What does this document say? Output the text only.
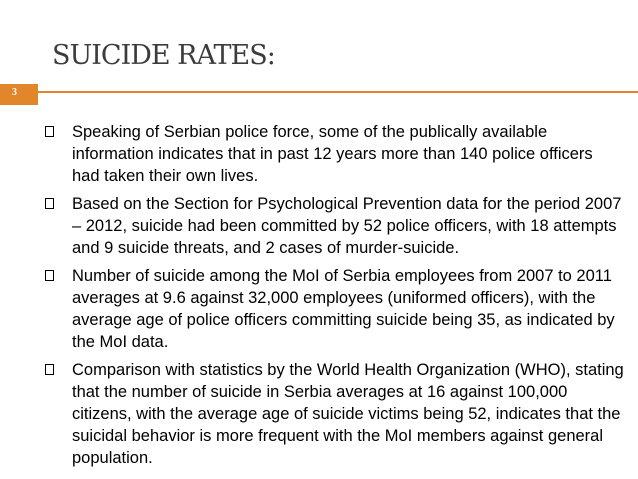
SUICIDE RATES:
3
Speaking of Serbian police force, some of the publically available information indicates that in past 12 years more than 140 police officers had taken their own lives.
Based on the Section for Psychological Prevention data for the period 2007 – 2012, suicide had been committed by 52 police officers, with 18 attempts and 9 suicide threats, and 2 cases of murder-suicide.
Number of suicide among the MoI of Serbia employees from 2007 to 2011 averages at 9.6 against 32,000 employees (uniformed officers), with the average age of police officers committing suicide being 35, as indicated by the MoI data.
Comparison with statistics by the World Health Organization (WHO), stating that the number of suicide in Serbia averages at 16 against 100,000 citizens, with the average age of suicide victims being 52, indicates that the suicidal behavior is more frequent with the MoI members against general population.
